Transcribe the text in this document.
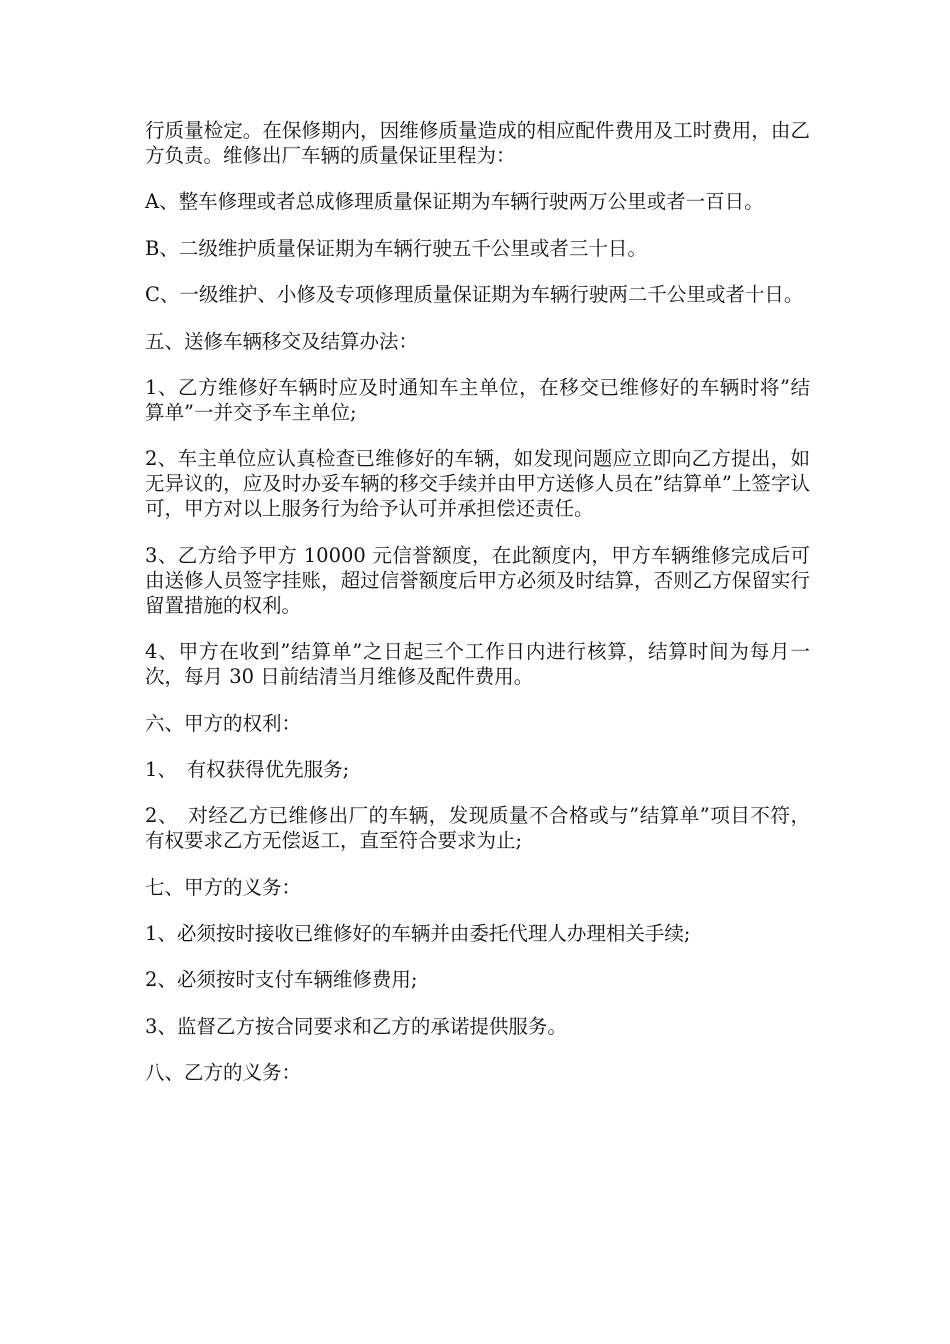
行质量检定。在保修期内，因维修质量造成的相应配件费用及工时费用，由乙方负责。维修出厂车辆的质量保证里程为：

A、整车修理或者总成修理质量保证期为车辆行驶两万公里或者一百日。

B、二级维护质量保证期为车辆行驶五千公里或者三十日。

C、一级维护、小修及专项修理质量保证期为车辆行驶两二千公里或者十日。

五、送修车辆移交及结算办法：

1、乙方维修好车辆时应及时通知车主单位，在移交已维修好的车辆时将”结算单”一并交予车主单位;

2、车主单位应认真检查已维修好的车辆，如发现问题应立即向乙方提出，如无异议的，应及时办妥车辆的移交手续并由甲方送修人员在”结算单”上签字认可，甲方对以上服务行为给予认可并承担偿还责任。

3、乙方给予甲方 10000 元信誉额度，在此额度内，甲方车辆维修完成后可由送修人员签字挂账，超过信誉额度后甲方必须及时结算，否则乙方保留实行留置措施的权利。

4、甲方在收到”结算单”之日起三个工作日内进行核算，结算时间为每月一次，每月 30 日前结清当月维修及配件费用。

六、甲方的权利：

1、　有权获得优先服务;

2、　对经乙方已维修出厂的车辆，发现质量不合格或与”结算单”项目不符，有权要求乙方无偿返工，直至符合要求为止;

七、甲方的义务：

1、必须按时接收已维修好的车辆并由委托代理人办理相关手续;

2、必须按时支付车辆维修费用;

3、监督乙方按合同要求和乙方的承诺提供服务。

八、乙方的义务：
